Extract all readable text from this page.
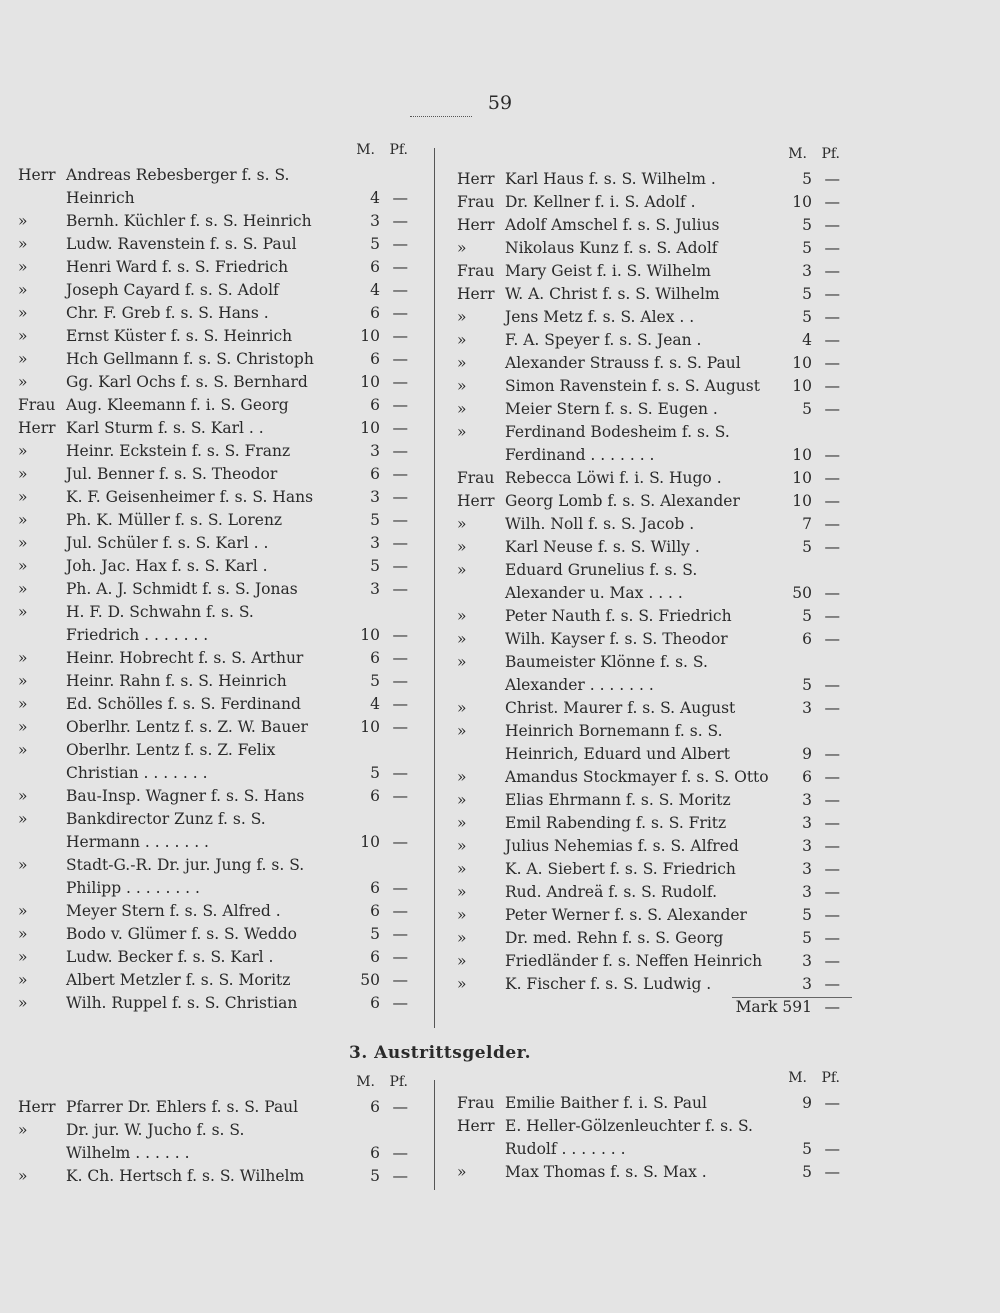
59
M. Pf.
Herr Andreas Rebesberger f. s. S.
Heinrich	4 —
» Bernh. Küchler f. s. S. Heinrich	3 —
» Ludw. Ravenstein f. s. S. Paul	5 —
» Henri Ward f. s. S. Friedrich	6 —
» Joseph Cayard f. s. S. Adolf	4 —
» Chr. F. Greb f. s. S. Hans .	6 —
» Ernst Küster f. s. S. Heinrich	10 —
» Hch Gellmann f. s. S. Christoph	6 —
» Gg. Karl Ochs f. s. S. Bernhard	10 —
Frau Aug. Kleemann f. i. S. Georg	6 —
Herr Karl Sturm f. s. S. Karl . .	10 —
» Heinr. Eckstein f. s. S. Franz	3 —
» Jul. Benner f. s. S. Theodor	6 —
» K. F. Geisenheimer f. s. S. Hans	3 —
» Ph. K. Müller f. s. S. Lorenz	5 —
» Jul. Schüler f. s. S. Karl . .	3 —
» Joh. Jac. Hax f. s. S. Karl .	5 —
» Ph. A. J. Schmidt f. s. S. Jonas	3 —
» H. F. D. Schwahn f. s. S.
Friedrich . . . . . . .	10 —
» Heinr. Hobrecht f. s. S. Arthur	6 —
» Heinr. Rahn f. s. S. Heinrich	5 —
» Ed. Schölles f. s. S. Ferdinand	4 —
» Oberlhr. Lentz f. s. Z. W. Bauer	10 —
» Oberlhr. Lentz f. s. Z. Felix
Christian . . . . . . .	5 —
» Bau-Insp. Wagner f. s. S. Hans	6 —
» Bankdirector Zunz f. s. S.
Hermann . . . . . . .	10 —
» Stadt-G.-R. Dr. jur. Jung f. s. S.
Philipp . . . . . . . .	6 —
» Meyer Stern f. s. S. Alfred .	6 —
» Bodo v. Glümer f. s. S. Weddo	5 —
» Ludw. Becker f. s. S. Karl .	6 —
» Albert Metzler f. s. S. Moritz	50 —
» Wilh. Ruppel f. s. S. Christian	6 —
M. Pf.
Herr Karl Haus f. s. S. Wilhelm .	5 —
Frau Dr. Kellner f. i. S. Adolf .	10 —
Herr Adolf Amschel f. s. S. Julius	5 —
» Nikolaus Kunz f. s. S. Adolf	5 —
Frau Mary Geist f. i. S. Wilhelm	3 —
Herr W. A. Christ f. s. S. Wilhelm	5 —
» Jens Metz f. s. S. Alex . .	5 —
» F. A. Speyer f. s. S. Jean .	4 —
» Alexander Strauss f. s. S. Paul	10 —
» Simon Ravenstein f. s. S. August 10 —
» Meier Stern f. s. S. Eugen .	5 —
» Ferdinand Bodesheim f. s. S.
Ferdinand . . . . . . .	10 —
Frau Rebecca Löwi f. i. S. Hugo .	10 —
Herr Georg Lomb f. s. S. Alexander	10 —
» Wilh. Noll f. s. S. Jacob .	7 —
» Karl Neuse f. s. S. Willy .	5 —
» Eduard Grunelius f. s. S.
Alexander u. Max . . . .	50 —
» Peter Nauth f. s. S. Friedrich	5 —
» Wilh. Kayser f. s. S. Theodor	6 —
» Baumeister Klönne f. s. S.
Alexander . . . . . . .	5 —
» Christ. Maurer f. s. S. August	3 —
» Heinrich Bornemann f. s. S.
Heinrich, Eduard und Albert	9 —
» Amandus Stockmayer f. s. S. Otto 6 —
» Elias Ehrmann f. s. S. Moritz	3 —
» Emil Rabending f. s. S. Fritz	3 —
» Julius Nehemias f. s. S. Alfred	3 —
» K. A. Siebert f. s. S. Friedrich	3 —
» Rud. Andreä f. s. S. Rudolf.	3 —
» Peter Werner f. s. S. Alexander	5 —
» Dr. med. Rehn f. s. S. Georg	5 —
» Friedländer f. s. Neffen Heinrich	3 —
» K. Fischer f. s. S. Ludwig .	3 —
Mark 591 —
3. Austrittsgelder.
M. Pf.
Herr Pfarrer Dr. Ehlers f. s. S. Paul	6 —
» Dr. jur. W. Jucho f. s. S.
Wilhelm . . . . . .	6 —
» K. Ch. Hertsch f. s. S. Wilhelm	5 —
M. Pf.
Frau Emilie Baither f. i. S. Paul	9 —
Herr E. Heller-Gölzenleuchter f. s. S.
Rudolf . . . . . . .	5 —
» Max Thomas f. s. S. Max .	5 —
